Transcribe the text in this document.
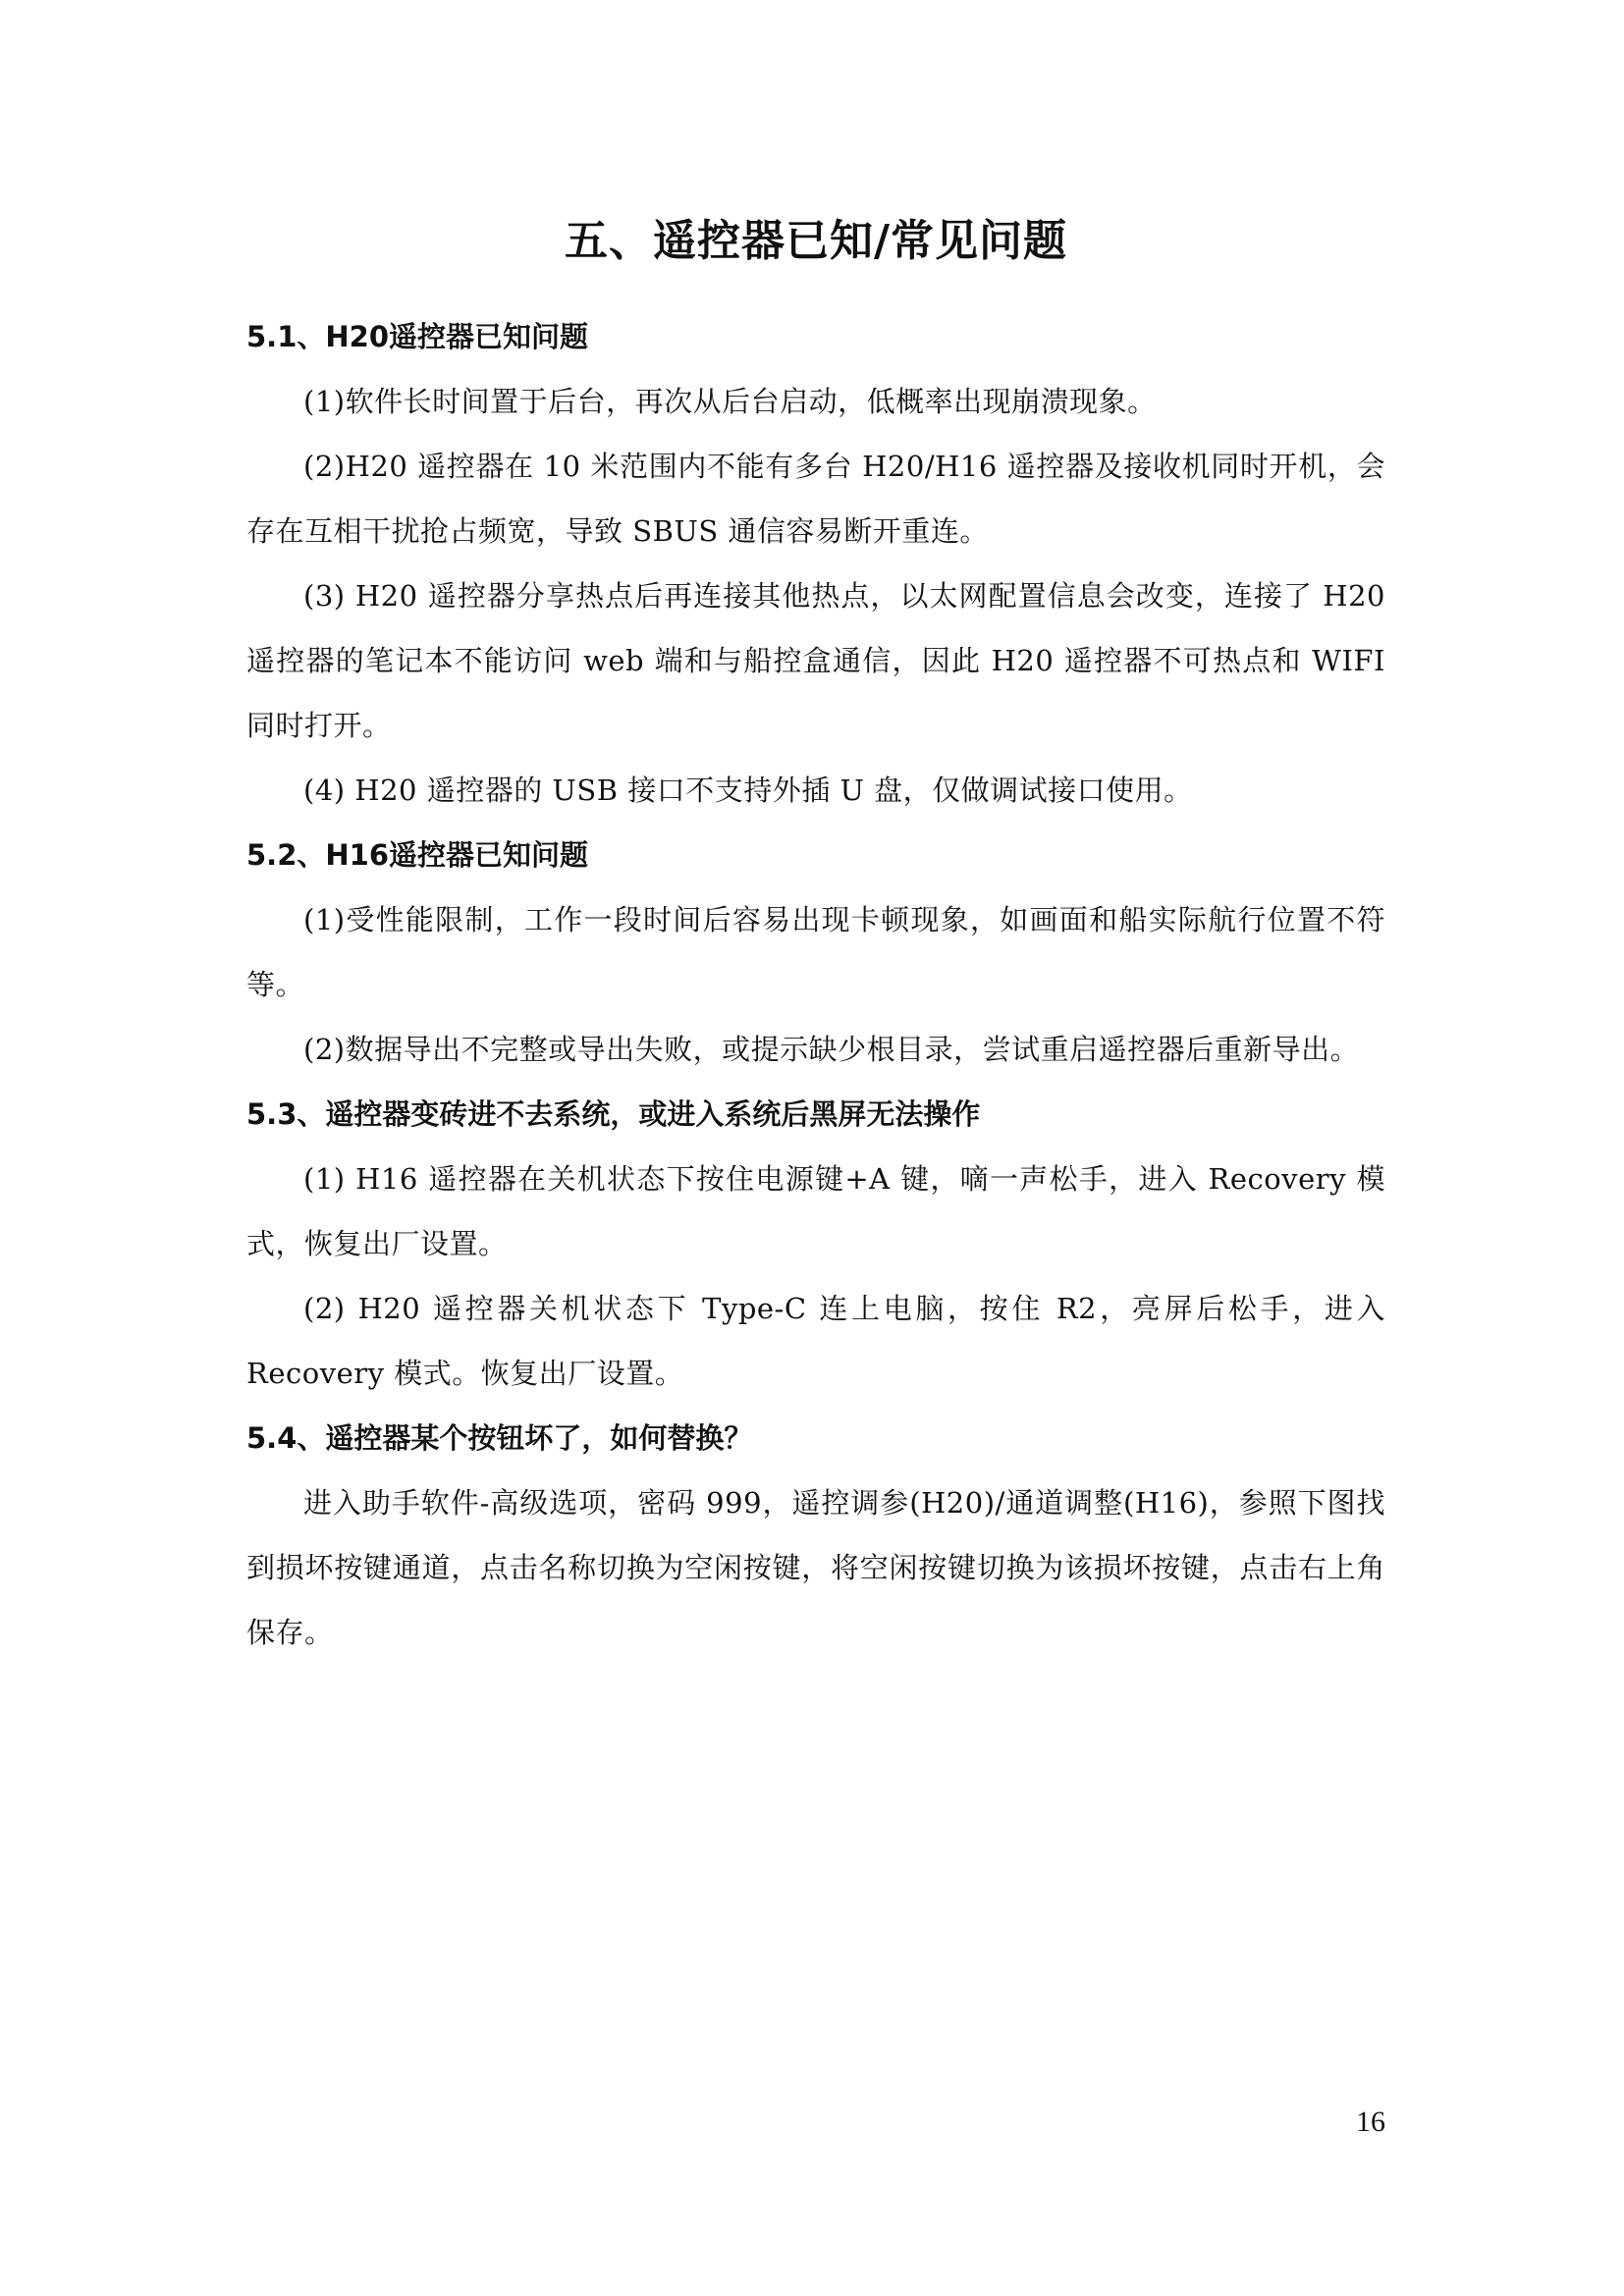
五、遥控器已知/常见问题
5.1、H20遥控器已知问题

(1)软件长时间置于后台，再次从后台启动，低概率出现崩溃现象。

(2)H20 遥控器在 10 米范围内不能有多台 H20/H16 遥控器及接收机同时开机，会存在互相干扰抢占频宽，导致 SBUS 通信容易断开重连。

(3) H20 遥控器分享热点后再连接其他热点，以太网配置信息会改变，连接了 H20 遥控器的笔记本不能访问 web 端和与船控盒通信，因此 H20 遥控器不可热点和 WIFI 同时打开。

(4) H20 遥控器的 USB 接口不支持外插 U 盘，仅做调试接口使用。

5.2、H16遥控器已知问题

(1)受性能限制，工作一段时间后容易出现卡顿现象，如画面和船实际航行位置不符等。

(2)数据导出不完整或导出失败，或提示缺少根目录，尝试重启遥控器后重新导出。

5.3、遥控器变砖进不去系统，或进入系统后黑屏无法操作

(1) H16 遥控器在关机状态下按住电源键+A 键，嘀一声松手，进入 Recovery 模式，恢复出厂设置。

(2) H20 遥控器关机状态下 Type-C 连上电脑，按住 R2，亮屏后松手，进入 Recovery 模式。恢复出厂设置。

5.4、遥控器某个按钮坏了，如何替换？

进入助手软件-高级选项，密码 999，遥控调参(H20)/通道调整(H16)，参照下图找到损坏按键通道，点击名称切换为空闲按键，将空闲按键切换为该损坏按键，点击右上角保存。

16
